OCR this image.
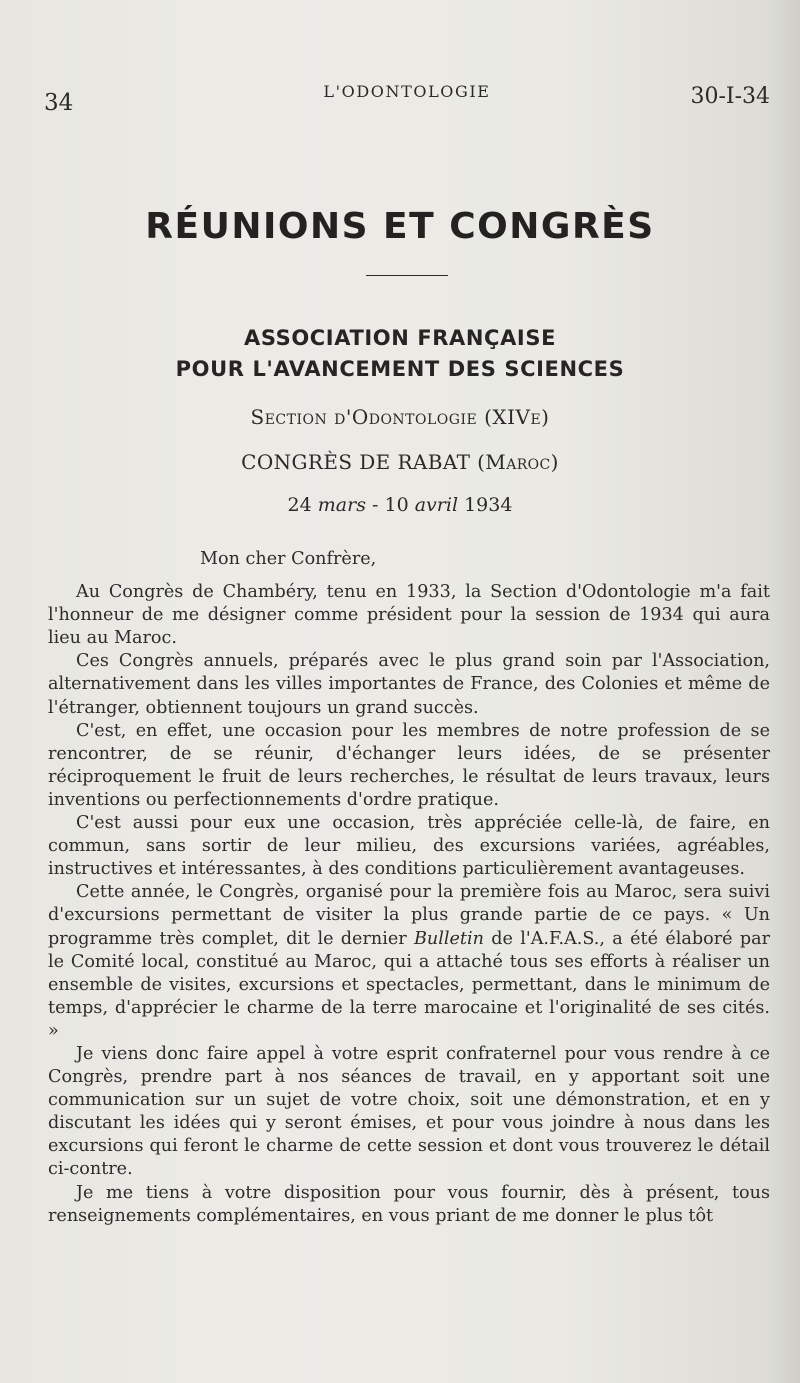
34	L'ODONTOLOGIE	30-I-34
RÉUNIONS ET CONGRÈS
ASSOCIATION FRANÇAISE
POUR L'AVANCEMENT DES SCIENCES
Section d'Odontologie (XIVe)
CONGRÈS DE RABAT (Maroc)
24 mars - 10 avril 1934

Mon cher Confrère,

Au Congrès de Chambéry, tenu en 1933, la Section d'Odontologie m'a fait l'honneur de me désigner comme président pour la session de 1934 qui aura lieu au Maroc.

Ces Congrès annuels, préparés avec le plus grand soin par l'Association, alternativement dans les villes importantes de France, des Colonies et même de l'étranger, obtiennent toujours un grand succès.

C'est, en effet, une occasion pour les membres de notre profession de se rencontrer, de se réunir, d'échanger leurs idées, de se présenter réciproquement le fruit de leurs recherches, le résultat de leurs travaux, leurs inventions ou perfectionnements d'ordre pratique.

C'est aussi pour eux une occasion, très appréciée celle-là, de faire, en commun, sans sortir de leur milieu, des excursions variées, agréables, instructives et intéressantes, à des conditions particulièrement avantageuses.

Cette année, le Congrès, organisé pour la première fois au Maroc, sera suivi d'excursions permettant de visiter la plus grande partie de ce pays. « Un programme très complet, dit le dernier Bulletin de l'A.F.A.S., a été élaboré par le Comité local, constitué au Maroc, qui a attaché tous ses efforts à réaliser un ensemble de visites, excursions et spectacles, permettant, dans le minimum de temps, d'apprécier le charme de la terre marocaine et l'originalité de ses cités. »

Je viens donc faire appel à votre esprit confraternel pour vous rendre à ce Congrès, prendre part à nos séances de travail, en y apportant soit une communication sur un sujet de votre choix, soit une démonstration, et en y discutant les idées qui y seront émises, et pour vous joindre à nous dans les excursions qui feront le charme de cette session et dont vous trouverez le détail ci-contre.

Je me tiens à votre disposition pour vous fournir, dès à présent, tous renseignements complémentaires, en vous priant de me donner le plus tôt
